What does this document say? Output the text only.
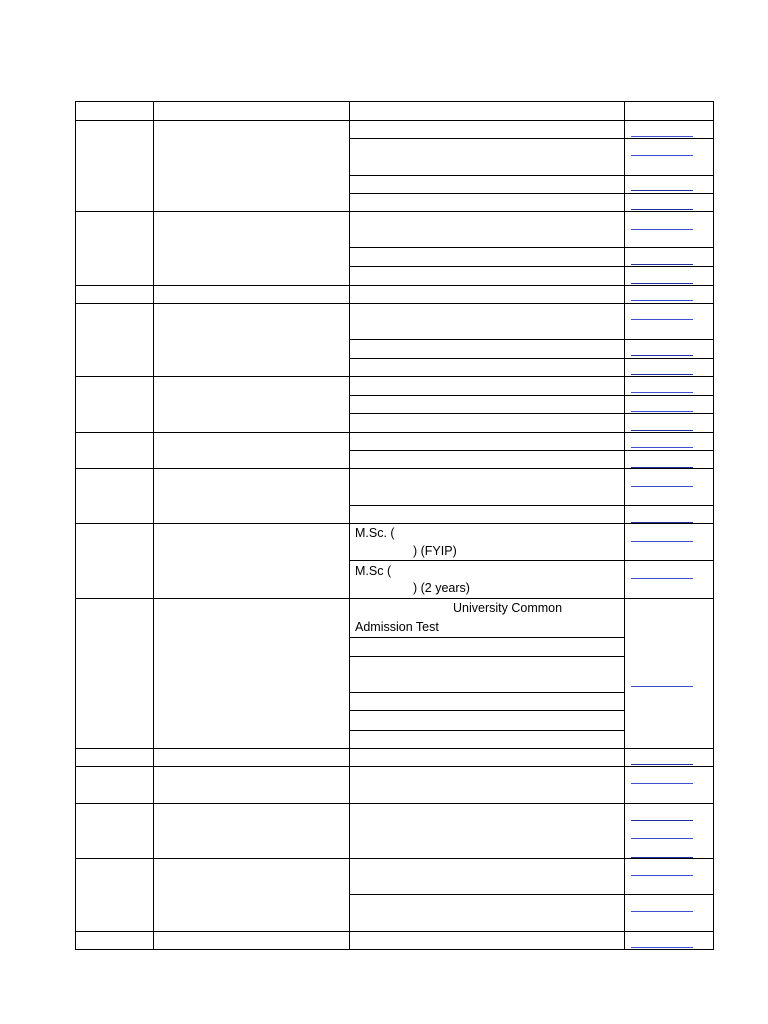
M.Sc. (
) (FYIP)
M.Sc (
) (2 years)
University Common
Admission Test
